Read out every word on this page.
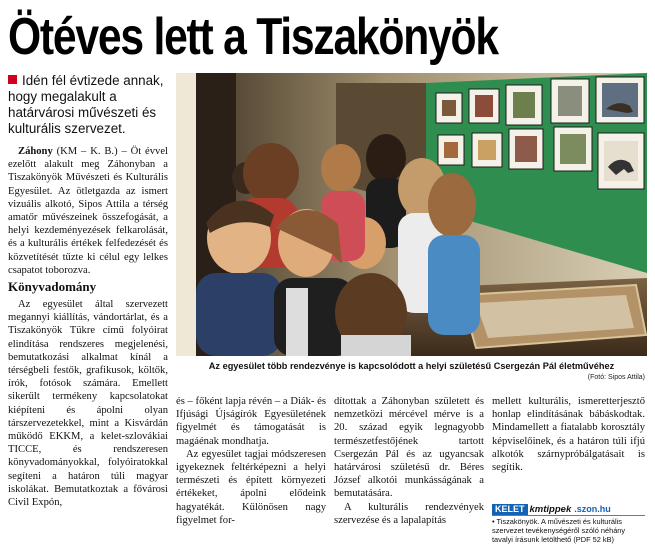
Ötéves lett a Tiszakönyök
Idén fél évtizede annak, hogy megalakult a határvárosi művészeti és kulturális szervezet.

Záhony (KM – K. B.) – Öt évvel ezelőtt alakult meg Záhonyban a Tiszakönyök Művészeti és Kulturális Egyesület. Az ötletgazda az ismert vizuális alkotó, Sipos Attila a térség amatőr művészeinek összefogását, a helyi kezdeményezések felkarolását, és a kulturális értékek felfedezését és közvetítését tűzte ki célul egy lelkes csapatot toborozva.

Könyvadomány

Az egyesület által szervezett megannyi kiállítás, vándortárlat, és a Tiszakönyök Tükre című folyóirat elindítása rendszeres megjelenési, bemutatkozási alkalmat kínál a térségbeli festők, grafikusok, költők, írók, fotósok számára. Emellett sikerült termékeny kapcsolatokat kiépíteni és ápolni olyan társzervezetekkel, mint a Kisvárdán működő EKKM, a kelet-szlovákiai TICCE, és rendszeresen könyvadományokkal, folyóiratokkal segíteni a határon túli magyar iskolákat. Bemutatkoztak a fővárosi Civil Expón,

Az egyesület több rendezvénye is kapcsolódott a helyi születésű Csergezán Pál életművéhez
(Fotó: Sipos Attila)

és – főként lapja révén – a Diák- és Ifjúsági Újságírók Egyesületének figyelmét és támogatását is magáénak mondhatja.

Az egyesület tagjai módszeresen igyekeznek feltérképezni a helyi természeti és épített környezeti értékeket, ápolni elődeink hagyatékát. Különösen nagy figyelmet for-

dítottak a Záhonyban született és nemzetközi mércével mérve is a 20. század egyik legnagyobb természetfestőjének tartott Csergezán Pál és az ugyancsak határvárosi születésű dr. Béres József alkotói munkásságának a bemutatására.

A kulturális rendezvények szervezése és a lapalapítás

mellett kulturális, ismeretterjesztő honlap elindításának bábáskodtak. Mindamellett a fiatalabb korosztály képviselőinek, és a határon túli ifjú alkotók szárnypróbálgatásait is segítik.

KELET kmtippek .szon.hu
• Tiszakönyök. A művészeti és kulturális szervezet tevékenységéről szóló néhány tavalyi írásunk letölthető (PDF 52 kB)
